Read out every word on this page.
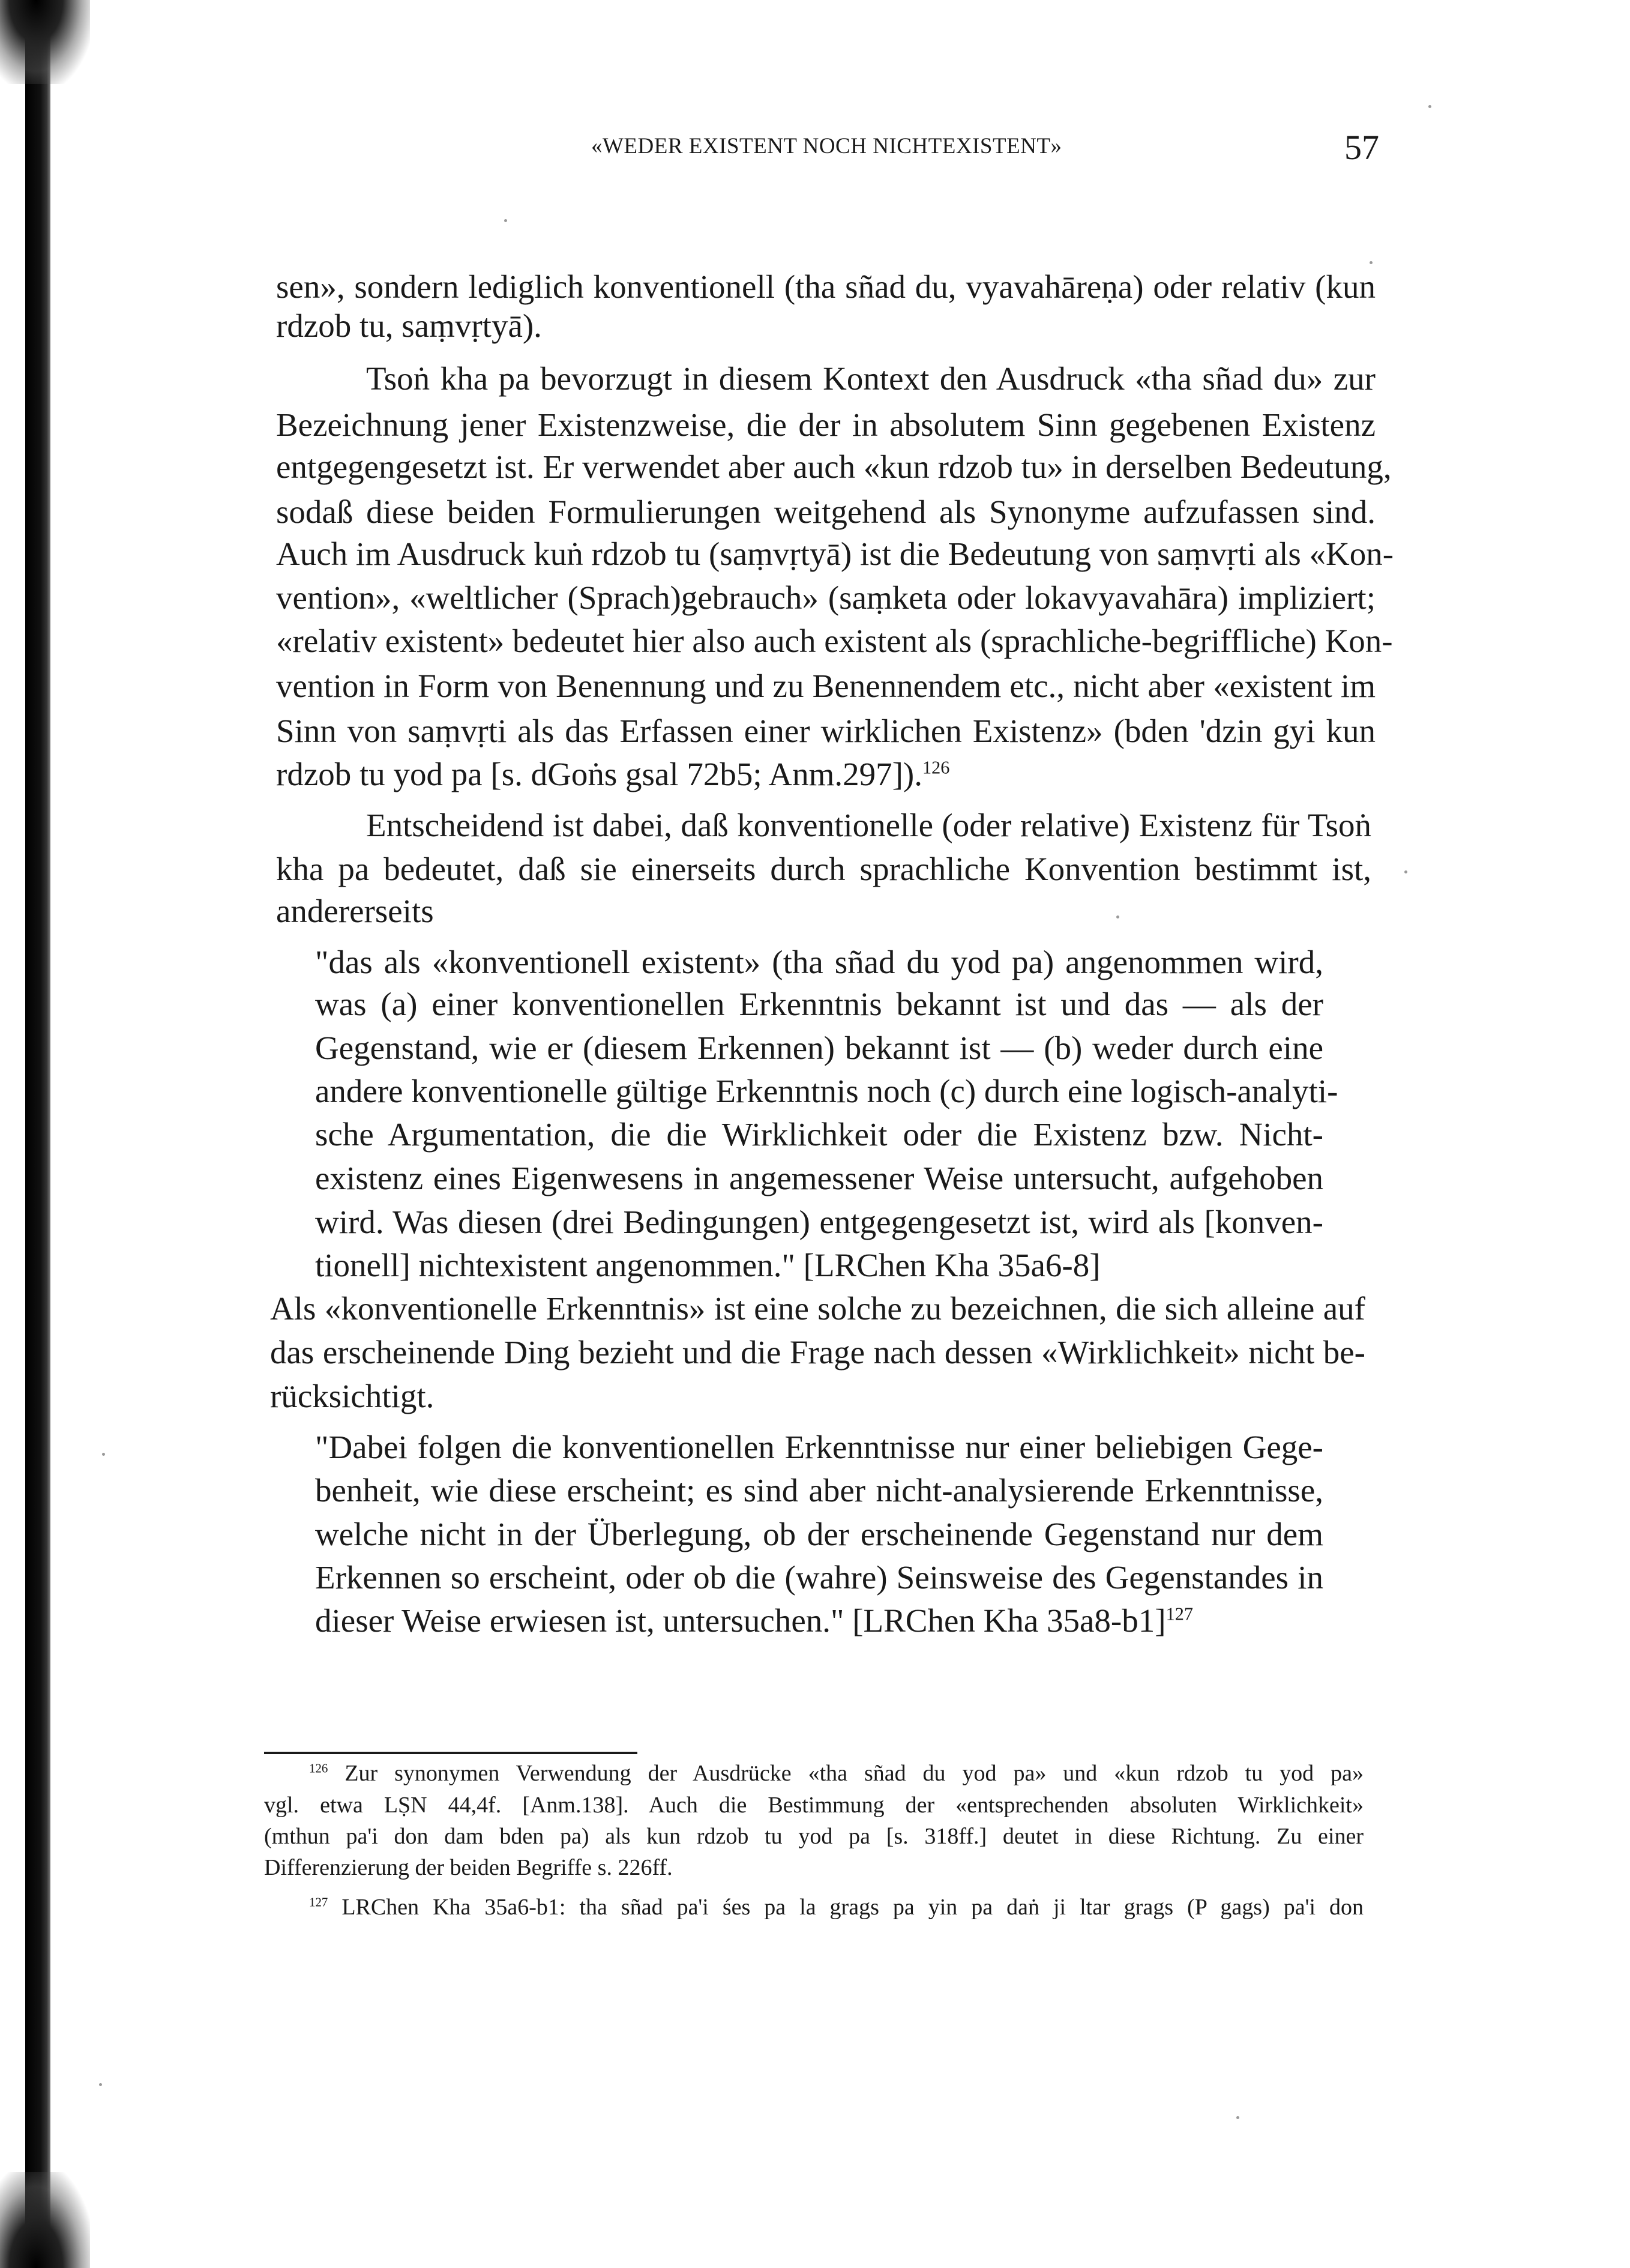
«WEDER EXISTENT NOCH NICHTEXISTENT»	57
sen», sondern lediglich konventionell (tha sñad du, vyavahāreṇa) oder relativ (kun
rdzob tu, saṃvṛtyā).
Tsoṅ kha pa bevorzugt in diesem Kontext den Ausdruck «tha sñad du» zur
Bezeichnung jener Existenzweise, die der in absolutem Sinn gegebenen Existenz
entgegengesetzt ist. Er verwendet aber auch «kun rdzob tu» in derselben Bedeutung,
sodaß diese beiden Formulierungen weitgehend als Synonyme aufzufassen sind.
Auch im Ausdruck kuṅ rdzob tu (saṃvṛtyā) ist die Bedeutung von saṃvṛti als «Kon-
vention», «weltlicher (Sprach)gebrauch» (saṃketa oder lokavyavahāra) impliziert;
«relativ existent» bedeutet hier also auch existent als (sprachliche-begriffliche) Kon-
vention in Form von Benennung und zu Benennendem etc., nicht aber «existent im
Sinn von saṃvṛti als das Erfassen einer wirklichen Existenz» (bden 'dzin gyi kun
rdzob tu yod pa [s. dGoṅs gsal 72b5; Anm.297]).$^{126}$
Entscheidend ist dabei, daß konventionelle (oder relative) Existenz für Tsoṅ
kha pa bedeutet, daß sie einerseits durch sprachliche Konvention bestimmt ist,
andererseits
"das als «konventionell existent» (tha sñad du yod pa) angenommen wird,
was (a) einer konventionellen Erkenntnis bekannt ist und das — als der
Gegenstand, wie er (diesem Erkennen) bekannt ist — (b) weder durch eine
andere konventionelle gültige Erkenntnis noch (c) durch eine logisch-analyti-
sche Argumentation, die die Wirklichkeit oder die Existenz bzw. Nicht-
existenz eines Eigenwesens in angemessener Weise untersucht, aufgehoben
wird. Was diesen (drei Bedingungen) entgegengesetzt ist, wird als [konven-
tionell] nichtexistent angenommen." [LRChen Kha 35a6-8]
Als «konventionelle Erkenntnis» ist eine solche zu bezeichnen, die sich alleine auf
das erscheinende Ding bezieht und die Frage nach dessen «Wirklichkeit» nicht be-
rücksichtigt.
"Dabei folgen die konventionellen Erkenntnisse nur einer beliebigen Gege-
benheit, wie diese erscheint; es sind aber nicht-analysierende Erkenntnisse,
welche nicht in der Überlegung, ob der erscheinende Gegenstand nur dem
Erkennen so erscheint, oder ob die (wahre) Seinsweise des Gegenstandes in
dieser Weise erwiesen ist, untersuchen." [LRChen Kha 35a8-b1]$^{127}$
$^{126}$ Zur synonymen Verwendung der Ausdrücke «tha sñad du yod pa» und «kun rdzob tu yod pa»
vgl. etwa LṢN 44,4f. [Anm.138]. Auch die Bestimmung der «entsprechenden absoluten Wirklichkeit»
(mthun pa'i don dam bden pa) als kun rdzob tu yod pa [s. 318ff.] deutet in diese Richtung. Zu einer
Differenzierung der beiden Begriffe s. 226ff.
$^{127}$ LRChen Kha 35a6-b1: tha sñad pa'i śes pa la grags pa yin pa daṅ ji ltar grags (P gags) pa'i don
